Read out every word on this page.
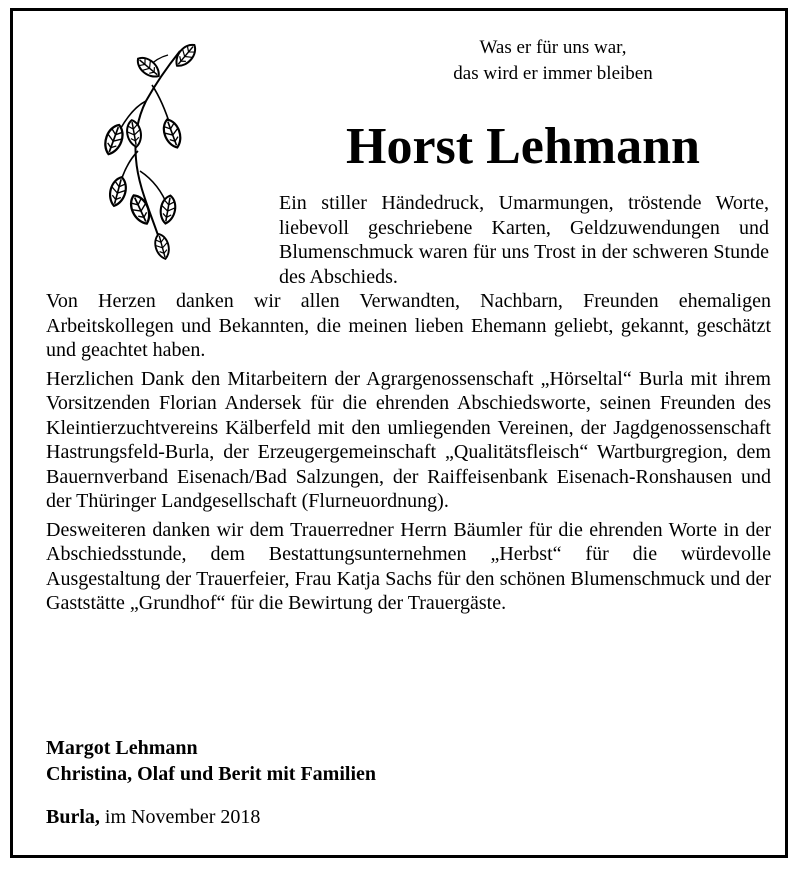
Was er für uns war,
das wird er immer bleiben
Horst Lehmann
Ein stiller Händedruck, Umarmungen, tröstende Worte, liebevoll geschriebene Karten, Geldzuwendungen und Blumenschmuck waren für uns Trost in der schweren Stunde des Abschieds.

Von Herzen danken wir allen Verwandten, Nachbarn, Freunden ehemaligen Arbeitskollegen und Bekannten, die meinen lieben Ehemann geliebt, gekannt, geschätzt und geachtet haben.

Herzlichen Dank den Mitarbeitern der Agrargenossenschaft „Hörseltal“ Burla mit ihrem Vorsitzenden Florian Andersek für die ehrenden Abschiedsworte, seinen Freunden des Kleintierzuchtvereins Kälberfeld mit den umliegenden Vereinen, der Jagdgenossenschaft Hastrungsfeld-Burla, der Erzeugergemeinschaft „Qualitätsfleisch“ Wartburgregion, dem Bauernverband Eisenach/Bad Salzungen, der Raiffeisenbank Eisenach-Ronshausen und der Thüringer Landgesellschaft (Flurneuordnung).

Desweiteren danken wir dem Trauerredner Herrn Bäumler für die ehrenden Worte in der Abschiedsstunde, dem Bestattungsunternehmen „Herbst“ für die würdevolle Ausgestaltung der Trauerfeier, Frau Katja Sachs für den schönen Blumenschmuck und der Gaststätte „Grundhof“ für die Bewirtung der Trauergäste.

Margot Lehmann
Christina, Olaf und Berit mit Familien
Burla, im November 2018
